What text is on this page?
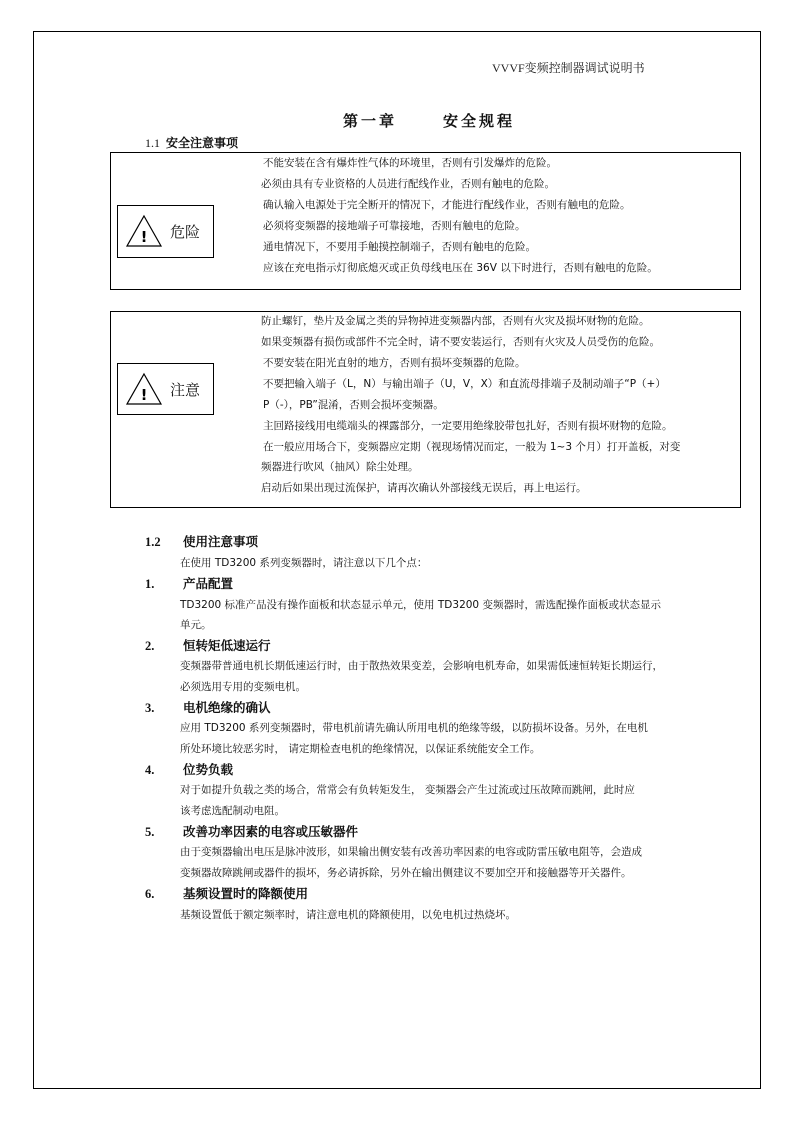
VVVF变频控制器调试说明书
第一章	安全规程
1.1 安全注意事项
! 危险
不能安装在含有爆炸性气体的环境里，否则有引发爆炸的危险。
必须由具有专业资格的人员进行配线作业，否则有触电的危险。
确认输入电源处于完全断开的情况下，才能进行配线作业，否则有触电的危险。
必须将变频器的接地端子可靠接地，否则有触电的危险。
通电情况下，不要用手触摸控制端子，否则有触电的危险。
应该在充电指示灯彻底熄灭或正负母线电压在 36V 以下时进行，否则有触电的危险。
! 注意
防止螺钉，垫片及金属之类的异物掉进变频器内部，否则有火灾及损坏财物的危险。
如果变频器有损伤或部件不完全时，请不要安装运行，否则有火灾及人员受伤的危险。
不要安装在阳光直射的地方，否则有损坏变频器的危险。
不要把输入端子（L，N）与输出端子（U，V，X）和直流母排端子及制动端子“P（+）
P（-），PB”混淆，否则会损坏变频器。
主回路接线用电缆端头的裸露部分，一定要用绝缘胶带包扎好，否则有损坏财物的危险。
在一般应用场合下，变频器应定期（视现场情况而定，一般为 1~3 个月）打开盖板，对变
频器进行吹风（抽风）除尘处理。
启动后如果出现过流保护，请再次确认外部接线无误后，再上电运行。
1.2 使用注意事项
在使用 TD3200 系列变频器时，请注意以下几个点：
1. 产品配置
TD3200 标准产品没有操作面板和状态显示单元，使用 TD3200 变频器时，需选配操作面板或状态显示
单元。
2. 恒转矩低速运行
变频器带普通电机长期低速运行时，由于散热效果变差，会影响电机寿命，如果需低速恒转矩长期运行，
必须选用专用的变频电机。
3. 电机绝缘的确认
应用 TD3200 系列变频器时，带电机前请先确认所用电机的绝缘等级，以防损坏设备。另外，在电机
所处环境比较恶劣时， 请定期检查电机的绝缘情况，以保证系统能安全工作。
4. 位势负载
对于如提升负载之类的场合，常常会有负转矩发生， 变频器会产生过流或过压故障而跳闸，此时应
该考虑选配制动电阻。
5. 改善功率因素的电容或压敏器件
由于变频器输出电压是脉冲波形，如果输出侧安装有改善功率因素的电容或防雷压敏电阻等，会造成
变频器故障跳闸或器件的损坏，务必请拆除，另外在输出侧建议不要加空开和接触器等开关器件。
6. 基频设置时的降额使用
基频设置低于额定频率时，请注意电机的降额使用，以免电机过热烧坏。
